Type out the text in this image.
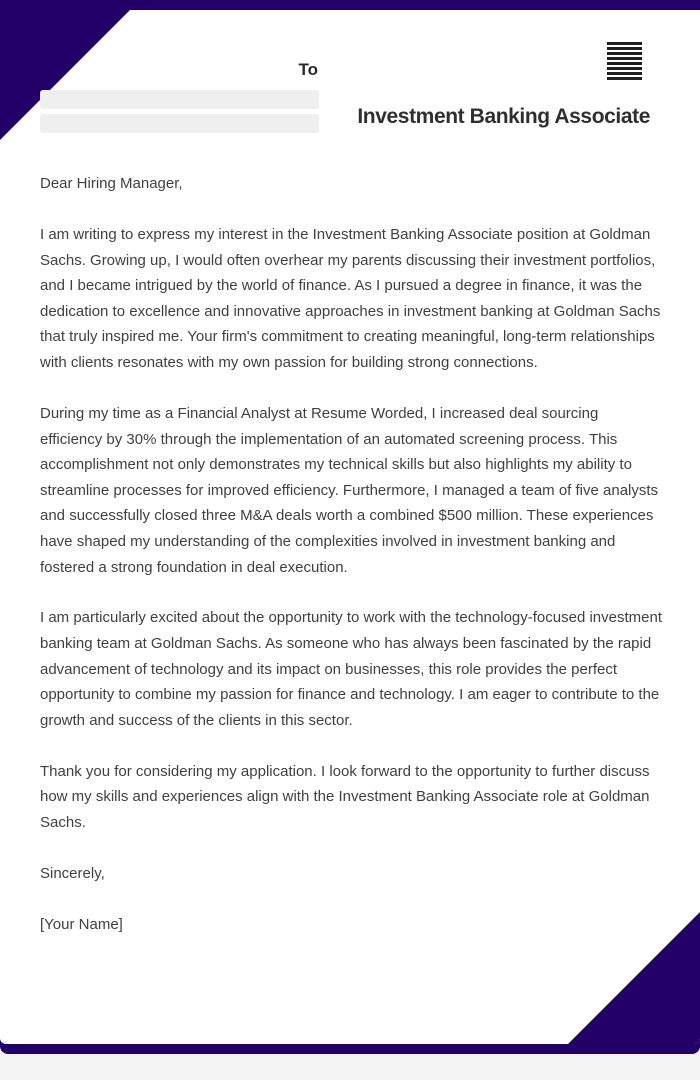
To
Investment Banking Associate

Dear Hiring Manager,

I am writing to express my interest in the Investment Banking Associate position at Goldman Sachs. Growing up, I would often overhear my parents discussing their investment portfolios, and I became intrigued by the world of finance. As I pursued a degree in finance, it was the dedication to excellence and innovative approaches in investment banking at Goldman Sachs that truly inspired me. Your firm's commitment to creating meaningful, long-term relationships with clients resonates with my own passion for building strong connections.

During my time as a Financial Analyst at Resume Worded, I increased deal sourcing efficiency by 30% through the implementation of an automated screening process. This accomplishment not only demonstrates my technical skills but also highlights my ability to streamline processes for improved efficiency. Furthermore, I managed a team of five analysts and successfully closed three M&A deals worth a combined $500 million. These experiences have shaped my understanding of the complexities involved in investment banking and fostered a strong foundation in deal execution.

I am particularly excited about the opportunity to work with the technology-focused investment banking team at Goldman Sachs. As someone who has always been fascinated by the rapid advancement of technology and its impact on businesses, this role provides the perfect opportunity to combine my passion for finance and technology. I am eager to contribute to the growth and success of the clients in this sector.

Thank you for considering my application. I look forward to the opportunity to further discuss how my skills and experiences align with the Investment Banking Associate role at Goldman Sachs.

Sincerely,

[Your Name]
